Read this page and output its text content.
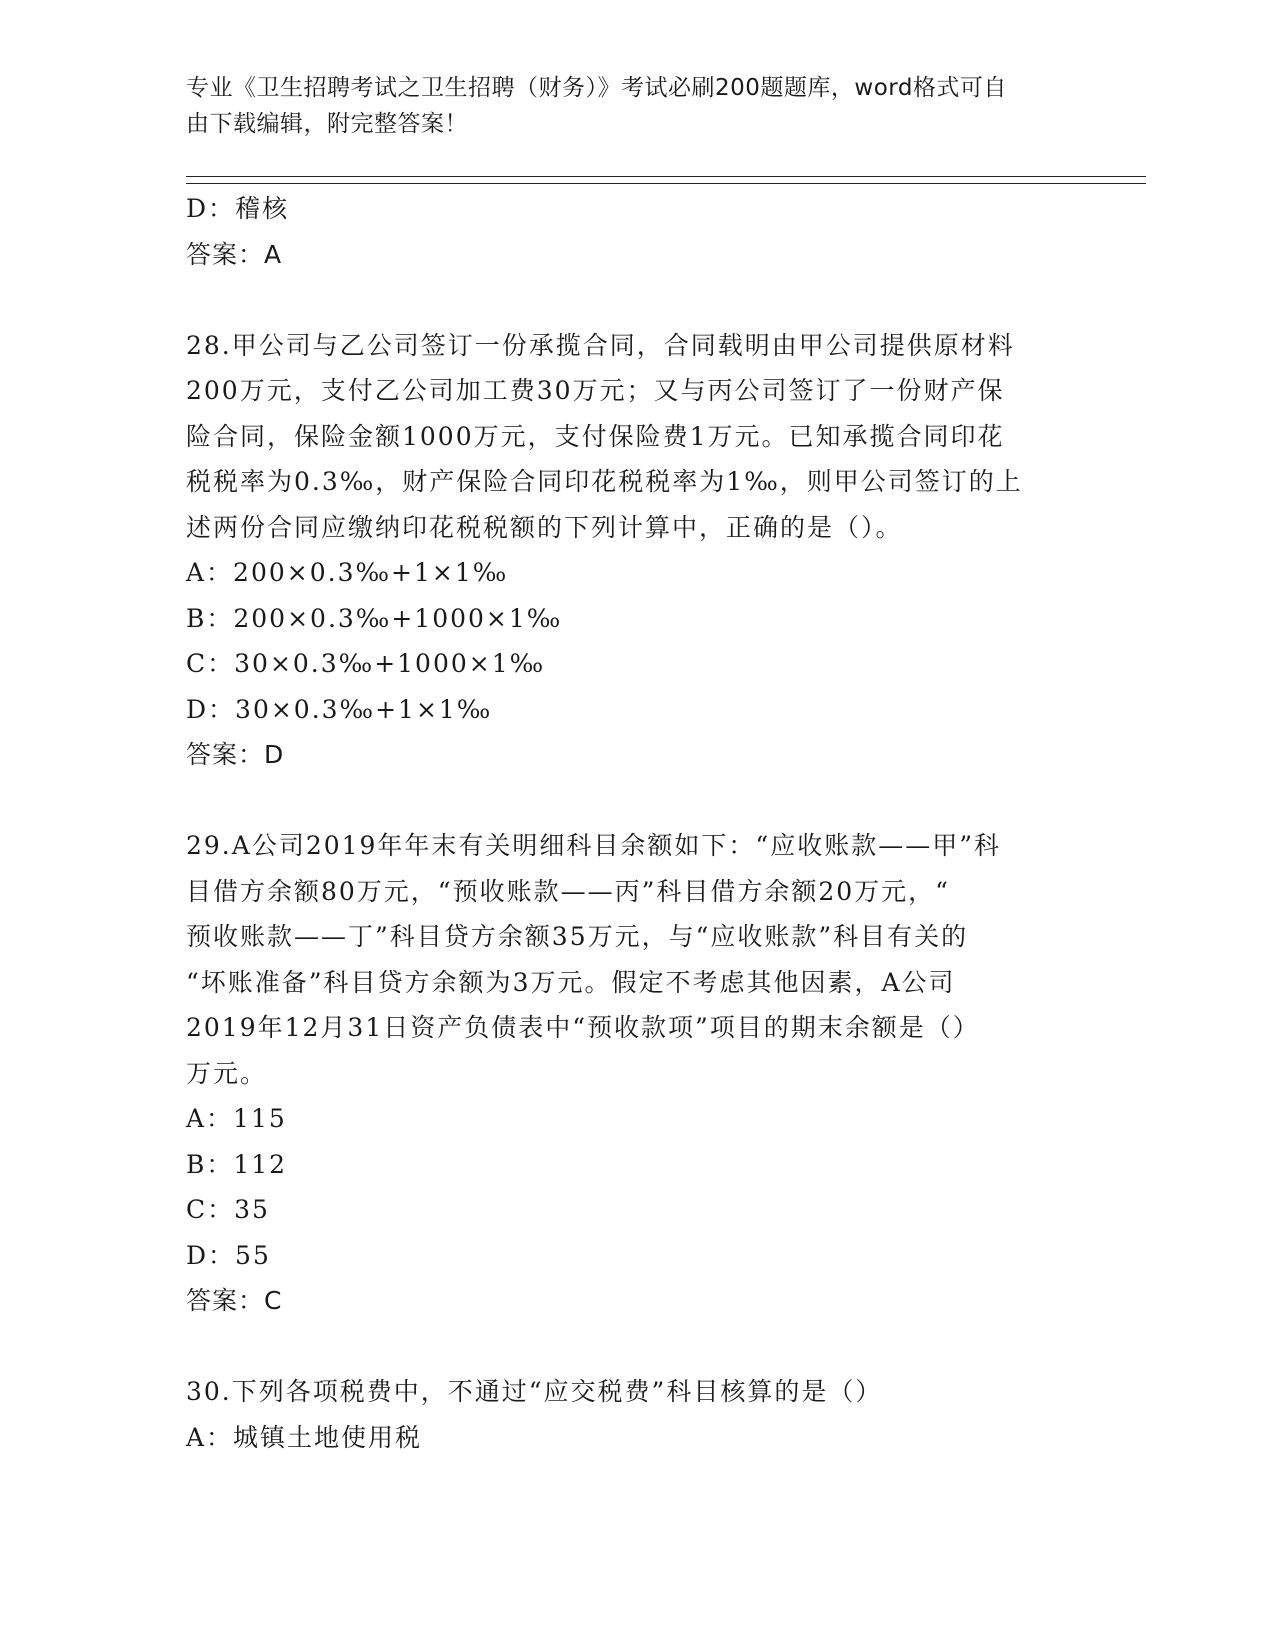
专业《卫生招聘考试之卫生招聘（财务）》考试必刷200题题库，word格式可自
由下载编辑，附完整答案！
D：稽核
答案：A
28.甲公司与乙公司签订一份承揽合同，合同载明由甲公司提供原材料
200万元，支付乙公司加工费30万元；又与丙公司签订了一份财产保
险合同，保险金额1000万元，支付保险费1万元。已知承揽合同印花
税税率为0.3‰，财产保险合同印花税税率为1‰，则甲公司签订的上
述两份合同应缴纳印花税税额的下列计算中，正确的是（）。
A：200×0.3‰+1×1‰
B：200×0.3‰+1000×1‰
C：30×0.3‰+1000×1‰
D：30×0.3‰+1×1‰
答案：D
29.A公司2019年年末有关明细科目余额如下：“应收账款——甲”科
目借方余额80万元，“预收账款——丙”科目借方余额20万元，“
预收账款——丁”科目贷方余额35万元，与“应收账款”科目有关的
“坏账准备”科目贷方余额为3万元。假定不考虑其他因素，A公司
2019年12月31日资产负债表中“预收款项”项目的期末余额是（）
万元。
A：115
B：112
C：35
D：55
答案：C
30.下列各项税费中，不通过“应交税费”科目核算的是（）
A：城镇土地使用税
